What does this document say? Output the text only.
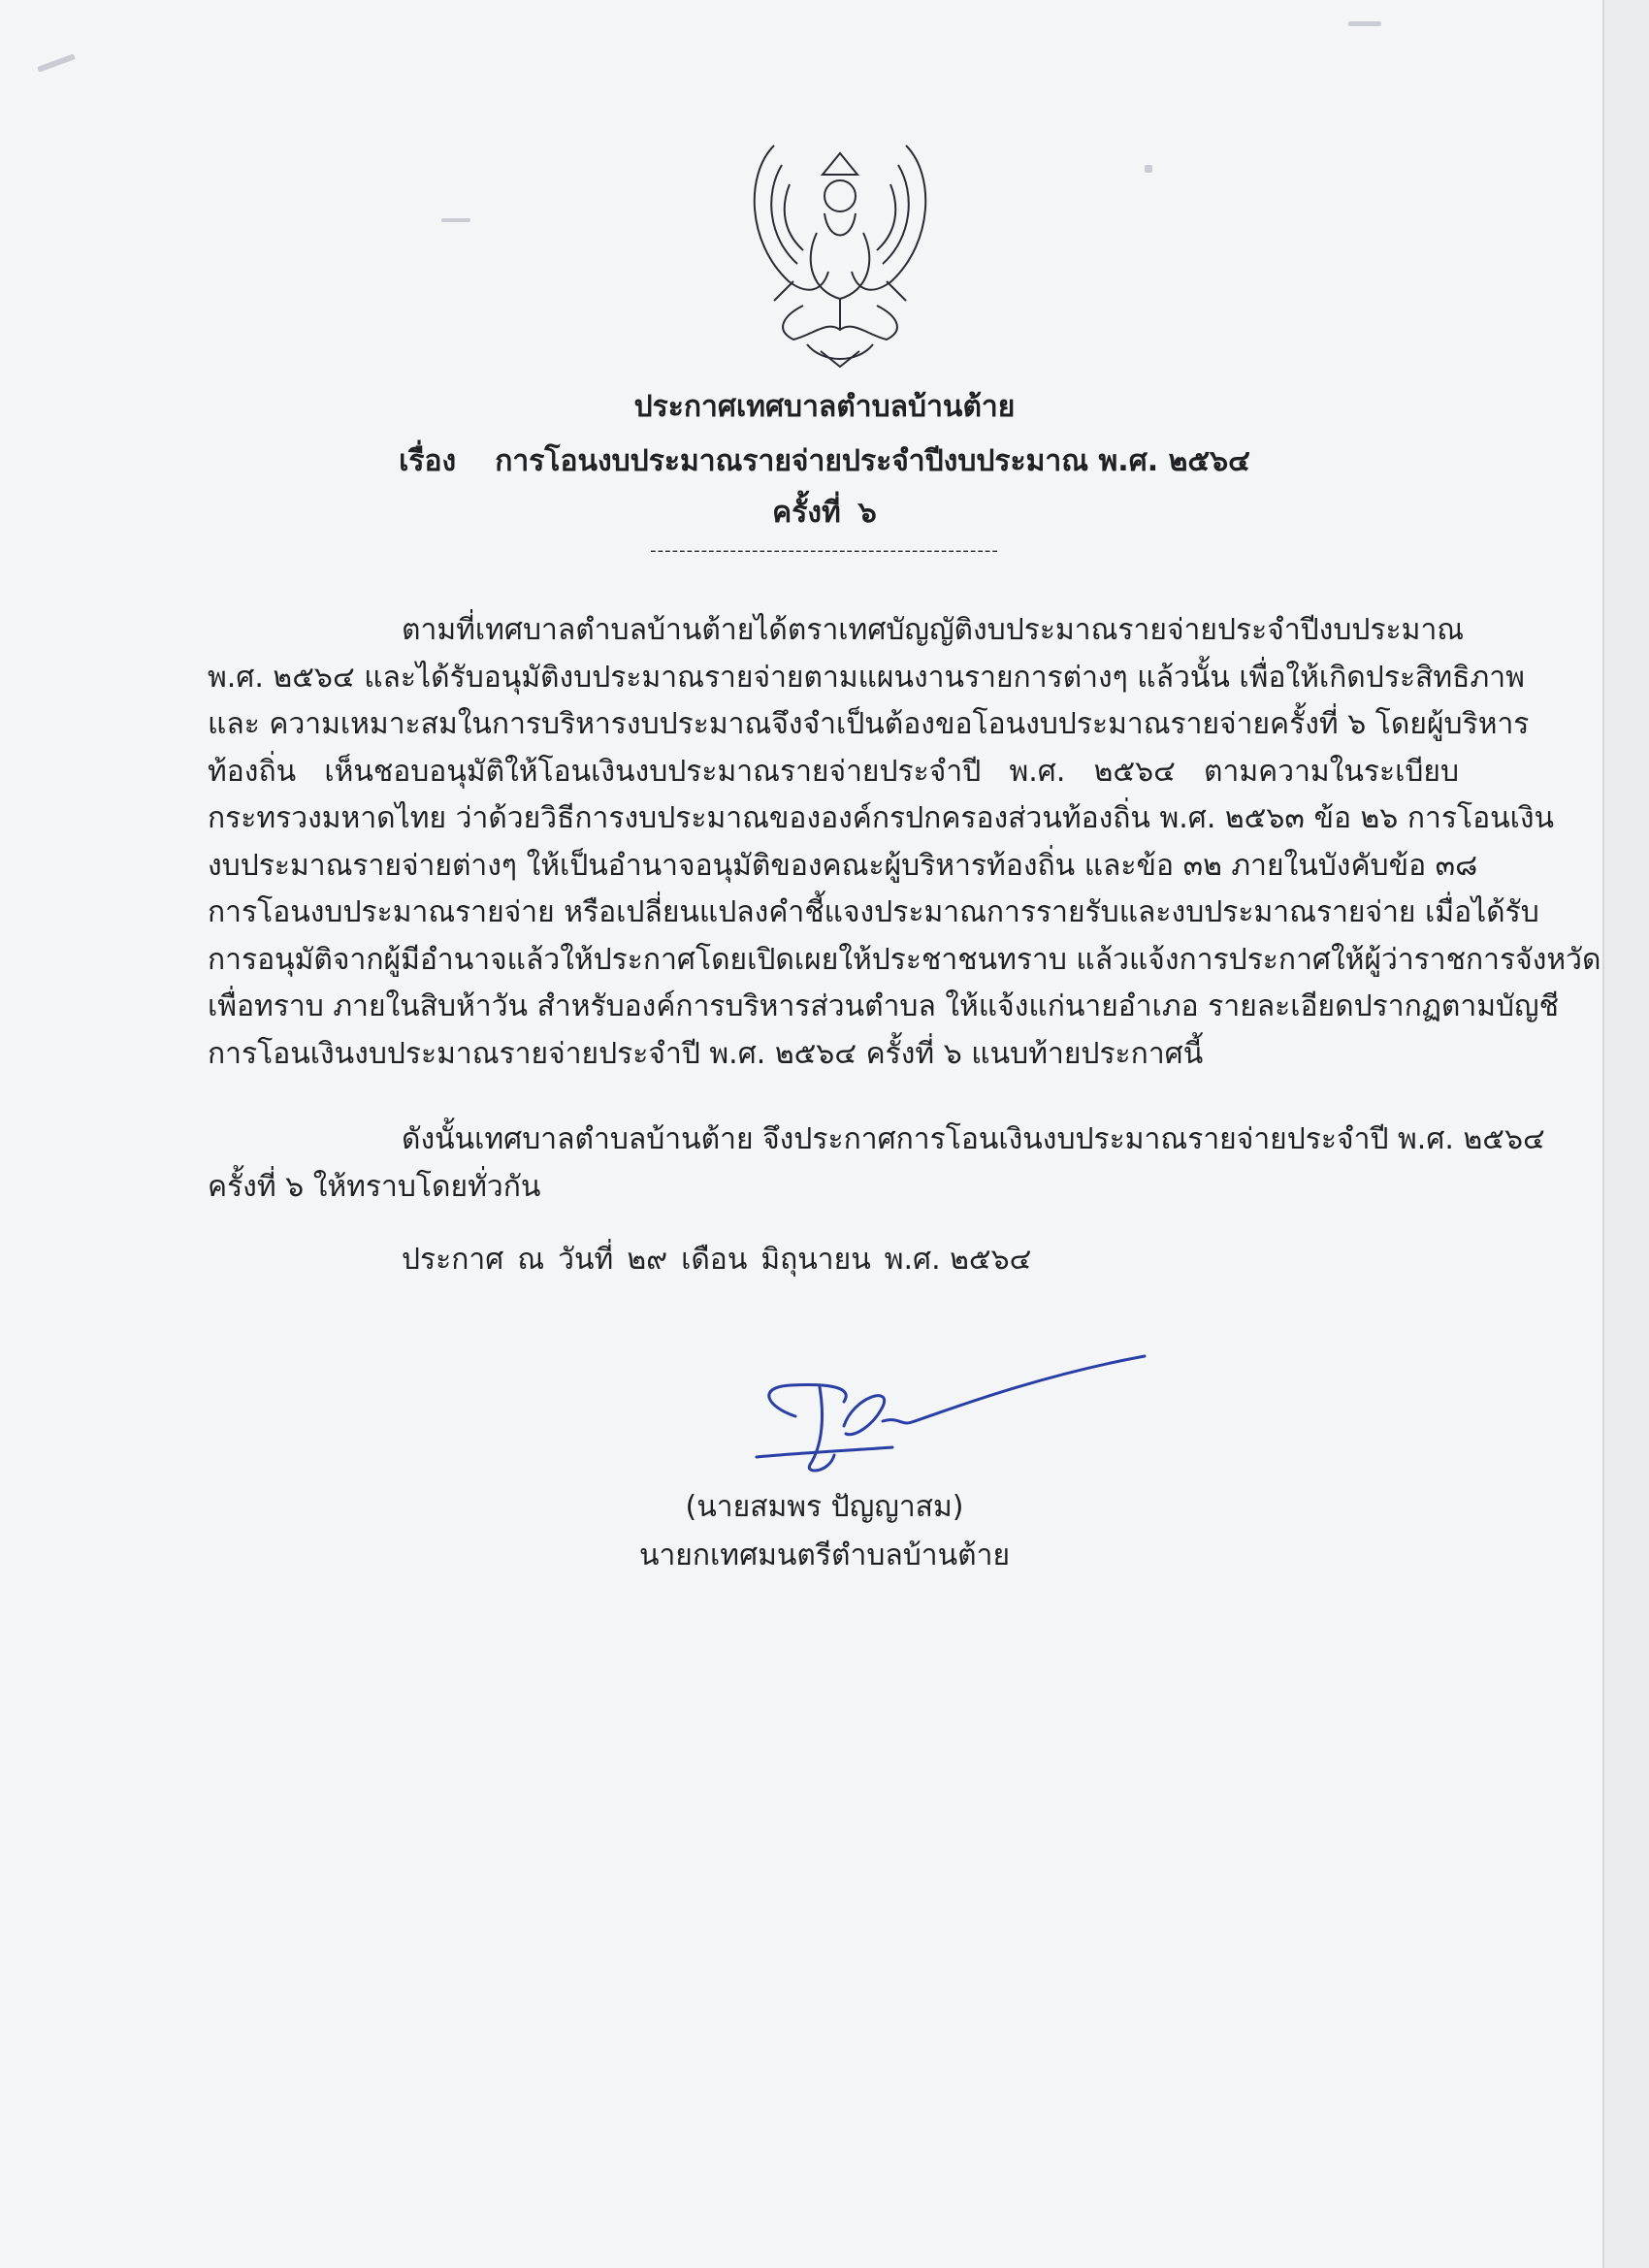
ประกาศเทศบาลตำบลบ้านต้าย
เรื่อง การโอนงบประมาณรายจ่ายประจำปีงบประมาณ พ.ศ. ๒๕๖๔
ครั้งที่ ๖
------------------------------------------------
ตามที่เทศบาลตำบลบ้านต้ายได้ตราเทศบัญญัติงบประมาณรายจ่ายประจำปีงบประมาณ
พ.ศ. ๒๕๖๔ และได้รับอนุมัติงบประมาณรายจ่ายตามแผนงานรายการต่างๆ แล้วนั้น เพื่อให้เกิดประสิทธิภาพ
และ ความเหมาะสมในการบริหารงบประมาณจึงจำเป็นต้องขอโอนงบประมาณรายจ่ายครั้งที่ ๖ โดยผู้บริหาร
ท้องถิ่น เห็นชอบอนุมัติให้โอนเงินงบประมาณรายจ่ายประจำปี พ.ศ. ๒๕๖๔ ตามความในระเบียบ
กระทรวงมหาดไทย ว่าด้วยวิธีการงบประมาณขององค์กรปกครองส่วนท้องถิ่น พ.ศ. ๒๕๖๓ ข้อ ๒๖ การโอนเงิน
งบประมาณรายจ่ายต่างๆ ให้เป็นอำนาจอนุมัติของคณะผู้บริหารท้องถิ่น และข้อ ๓๒ ภายในบังคับข้อ ๓๘
การโอนงบประมาณรายจ่าย หรือเปลี่ยนแปลงคำชี้แจงประมาณการรายรับและงบประมาณรายจ่าย เมื่อได้รับ
การอนุมัติจากผู้มีอำนาจแล้วให้ประกาศโดยเปิดเผยให้ประชาชนทราบ แล้วแจ้งการประกาศให้ผู้ว่าราชการจังหวัด
เพื่อทราบ ภายในสิบห้าวัน สำหรับองค์การบริหารส่วนตำบล ให้แจ้งแก่นายอำเภอ รายละเอียดปรากฏตามบัญชี
การโอนเงินงบประมาณรายจ่ายประจำปี พ.ศ. ๒๕๖๔ ครั้งที่ ๖ แนบท้ายประกาศนี้
ดังนั้นเทศบาลตำบลบ้านต้าย จึงประกาศการโอนเงินงบประมาณรายจ่ายประจำปี พ.ศ. ๒๕๖๔
ครั้งที่ ๖ ให้ทราบโดยทั่วกัน
ประกาศ ณ วันที่ ๒๙ เดือน มิถุนายน พ.ศ. ๒๕๖๔
(นายสมพร ปัญญาสม)
นายกเทศมนตรีตำบลบ้านต้าย
